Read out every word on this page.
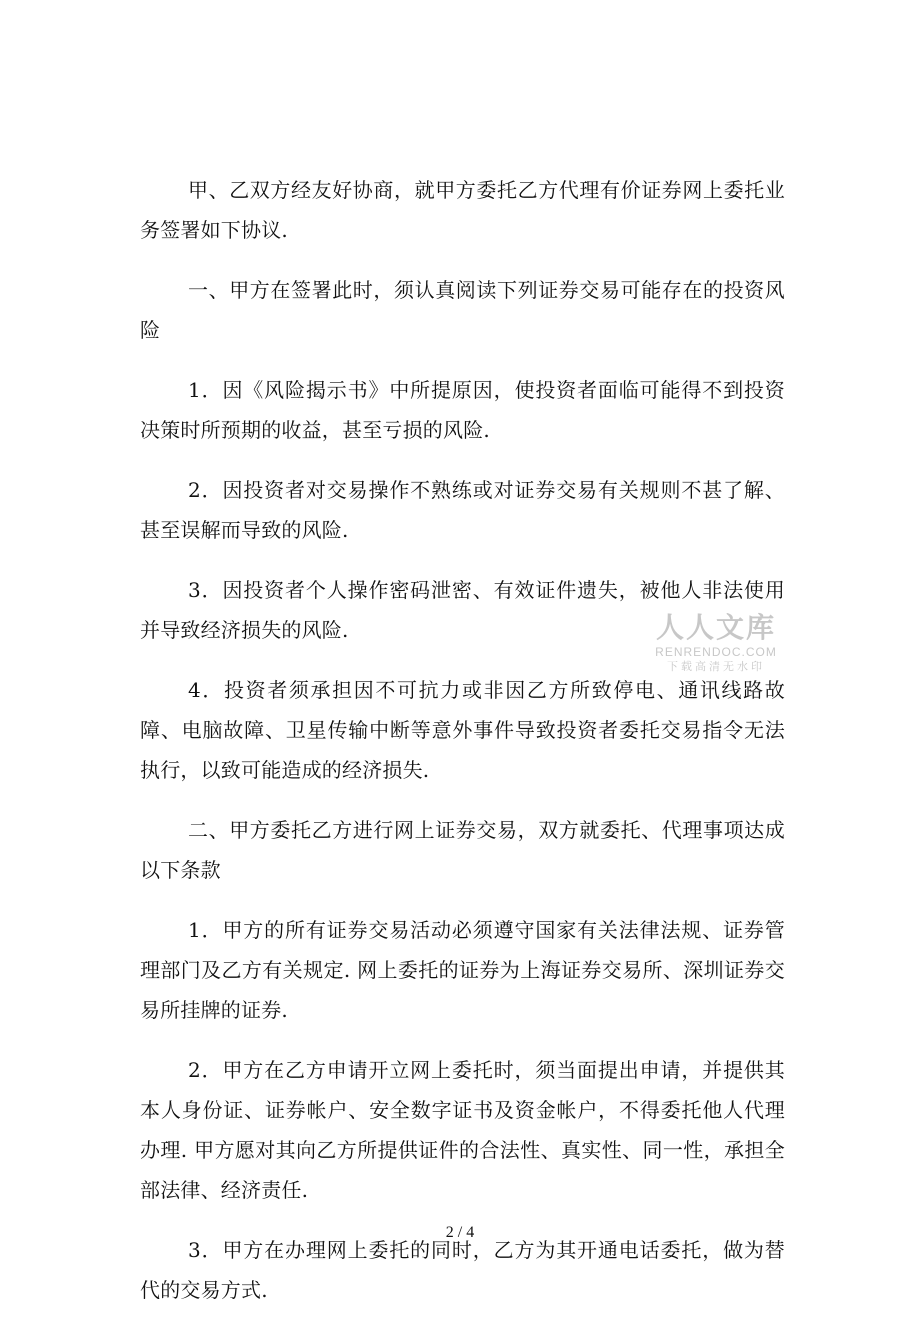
甲、乙双方经友好协商，就甲方委托乙方代理有价证券网上委托业务签署如下协议.

一、甲方在签署此时，须认真阅读下列证券交易可能存在的投资风险

1．因《风险揭示书》中所提原因，使投资者面临可能得不到投资决策时所预期的收益，甚至亏损的风险.

2．因投资者对交易操作不熟练或对证券交易有关规则不甚了解、甚至误解而导致的风险.

3．因投资者个人操作密码泄密、有效证件遗失，被他人非法使用并导致经济损失的风险.

4．投资者须承担因不可抗力或非因乙方所致停电、通讯线路故障、电脑故障、卫星传输中断等意外事件导致投资者委托交易指令无法执行，以致可能造成的经济损失.

二、甲方委托乙方进行网上证券交易，双方就委托、代理事项达成以下条款

1．甲方的所有证券交易活动必须遵守国家有关法律法规、证券管理部门及乙方有关规定. 网上委托的证券为上海证券交易所、深圳证券交易所挂牌的证券.

2．甲方在乙方申请开立网上委托时，须当面提出申请，并提供其本人身份证、证券帐户、安全数字证书及资金帐户，不得委托他人代理办理. 甲方愿对其向乙方所提供证件的合法性、真实性、同一性，承担全部法律、经济责任.

3．甲方在办理网上委托的同时，乙方为其开通电话委托，做为替代的交易方式.

人人文库
RENRENDOC.COM
下载高清无水印
2 / 4
